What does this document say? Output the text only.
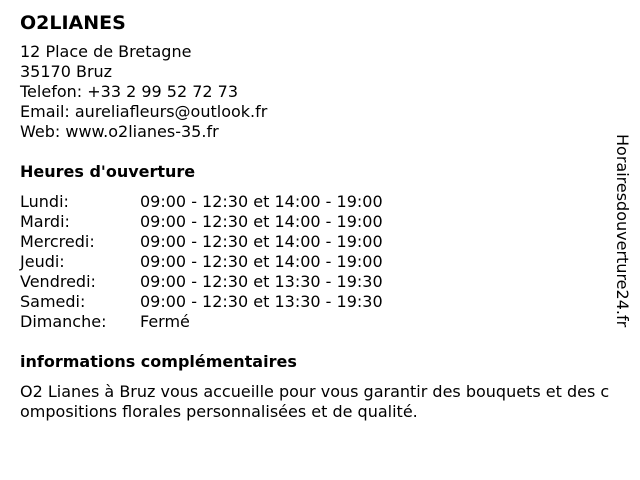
O2LIANES
12 Place de Bretagne
35170 Bruz
Telefon: +33 2 99 52 72 73
Email: aureliafleurs@outlook.fr
Web: www.o2lianes-35.fr
Heures d'ouverture
Lundi:	09:00 - 12:30 et 14:00 - 19:00
Mardi:	09:00 - 12:30 et 14:00 - 19:00
Mercredi:	09:00 - 12:30 et 14:00 - 19:00
Jeudi:	09:00 - 12:30 et 14:00 - 19:00
Vendredi:	09:00 - 12:30 et 13:30 - 19:30
Samedi:	09:00 - 12:30 et 13:30 - 19:30
Dimanche:	Fermé
informations complémentaires
O2 Lianes à Bruz vous accueille pour vous garantir des bouquets et des compositions florales personnalisées et de qualité.
Horairesdouverture24.fr
